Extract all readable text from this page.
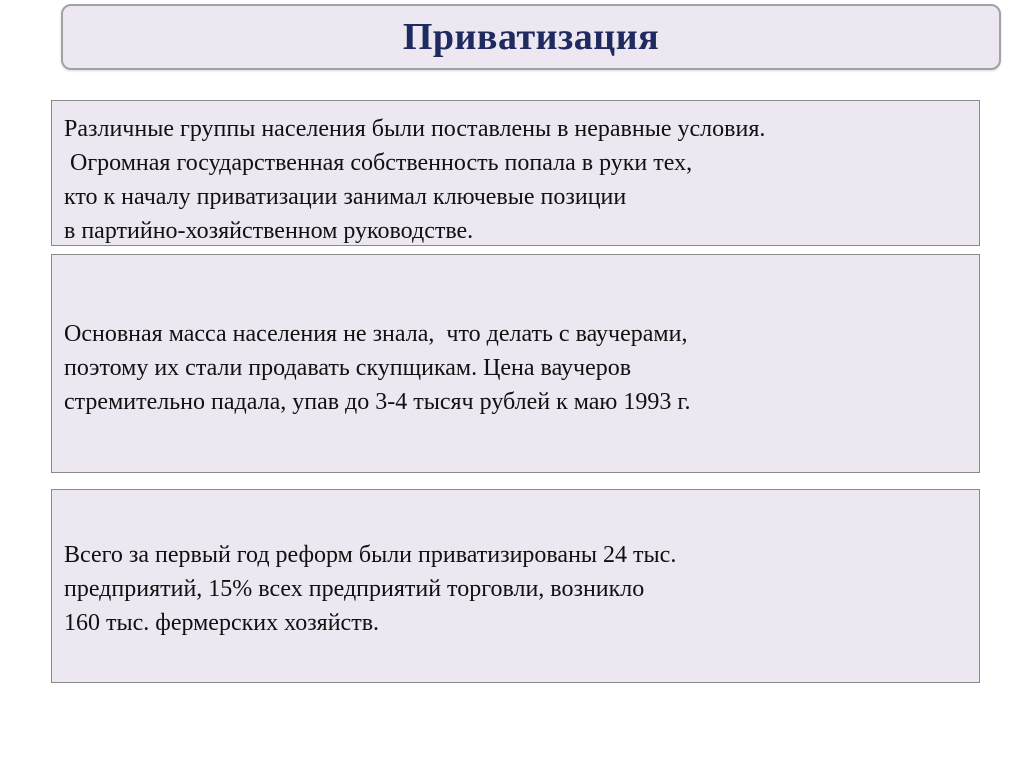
Приватизация
Различные группы населения были поставлены в неравные условия.
Огромная государственная собственность попала в руки тех,
кто к началу приватизации занимал ключевые позиции
в партийно-хозяйственном руководстве.
Основная масса населения не знала,  что делать с ваучерами,
поэтому их стали продавать скупщикам. Цена ваучеров
стремительно падала, упав до 3-4 тысяч рублей к маю 1993 г.
Всего за первый год реформ были приватизированы 24 тыс.
предприятий, 15% всех предприятий торговли, возникло
160 тыс. фермерских хозяйств.
